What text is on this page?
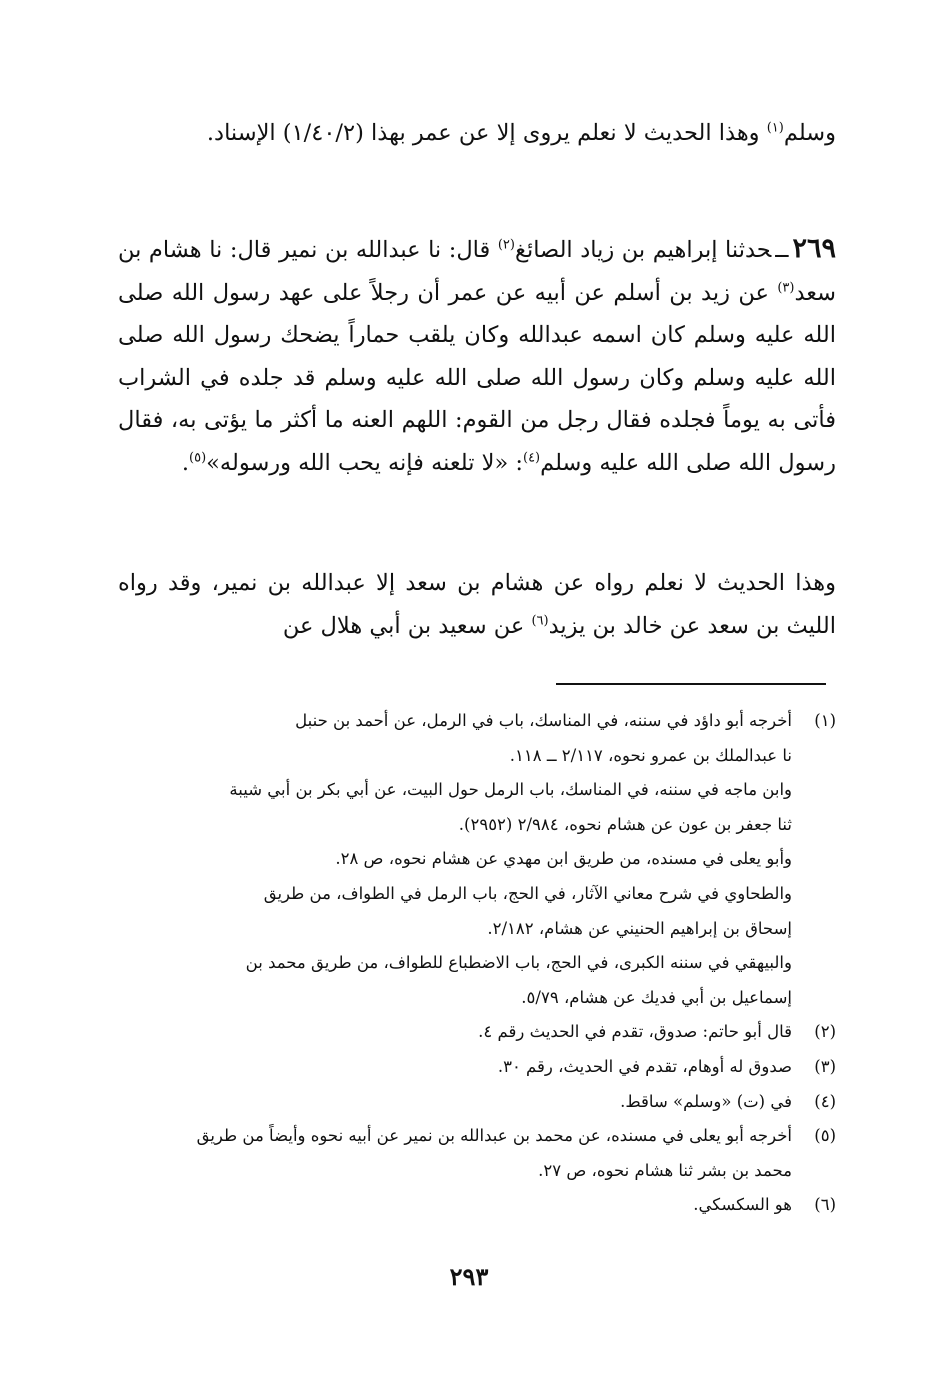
وسلم$^{(١)}$ وهذا الحديث لا نعلم يروى إلا عن عمر بهذا (١/٤٠/٢) الإسناد.
٢٦٩ــحدثنا إبراهيم بن زياد الصائغ$^{(٢)}$ قال: نا عبدالله بن نمير قال: نا هشام بن سعد$^{(٣)}$ عن زيد بن أسلم عن أبيه عن عمر أن رجلاً على عهد رسول الله صلى الله عليه وسلم كان اسمه عبدالله وكان يلقب حماراً يضحك رسول الله صلى الله عليه وسلم وكان رسول الله صلى الله عليه وسلم قد جلده في الشراب فأتى به يوماً فجلده فقال رجل من القوم: اللهم العنه ما أكثر ما يؤتى به، فقال رسول الله صلى الله عليه وسلم$^{(٤)}$: «لا تلعنه فإنه يحب الله ورسوله»$^{(٥)}$.
وهذا الحديث لا نعلم رواه عن هشام بن سعد إلا عبدالله بن نمير، وقد رواه الليث بن سعد عن خالد بن يزيد$^{(٦)}$ عن سعيد بن أبي هلال عن
(١)
أخرجه أبو داؤد في سننه، في المناسك، باب في الرمل، عن أحمد بن حنبل
نا عبدالملك بن عمرو نحوه، ٢/١١٧ ــ ١١٨.
وابن ماجه في سننه، في المناسك، باب الرمل حول البيت، عن أبي بكر بن أبي شيبة
ثنا جعفر بن عون عن هشام نحوه، ٢/٩٨٤ (٢٩٥٢).
وأبو يعلى في مسنده، من طريق ابن مهدي عن هشام نحوه، ص ٢٨.
والطحاوي في شرح معاني الآثار، في الحج، باب الرمل في الطواف، من طريق
إسحاق بن إبراهيم الحنيني عن هشام، ٢/١٨٢.
والبيهقي في سننه الكبرى، في الحج، باب الاضطباع للطواف، من طريق محمد بن
إسماعيل بن أبي فديك عن هشام، ٥/٧٩.
(٢)
قال أبو حاتم: صدوق، تقدم في الحديث رقم ٤.
(٣)
صدوق له أوهام، تقدم في الحديث، رقم ٣٠.
(٤)
في (ت) «وسلم» ساقط.
(٥)
أخرجه أبو يعلى في مسنده، عن محمد بن عبدالله بن نمير عن أبيه نحوه وأيضاً من طريق
محمد بن بشر ثنا هشام نحوه، ص ٢٧.
(٦)
هو السكسكي.
٢٩٣
